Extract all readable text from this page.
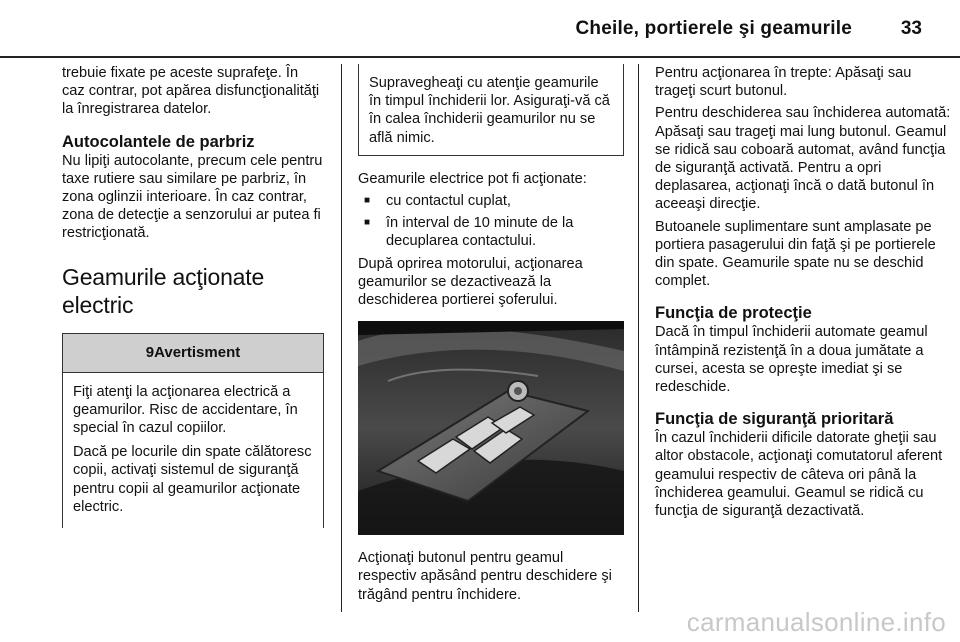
Cheile, portierele şi geamurile	33

trebuie fixate pe aceste suprafeţe. În caz contrar, pot apărea disfuncţionalităţi la înregistrarea datelor.

Autocolantele de parbriz

Nu lipiţi autocolante, precum cele pentru taxe rutiere sau similare pe parbriz, în zona oglinzii interioare. În caz contrar, zona de detecţie a senzorului ar putea fi restricţionată.

Geamurile acţionate electric
9Avertisment

Fiţi atenţi la acţionarea electrică a geamurilor. Risc de accidentare, în special în cazul copiilor.

Dacă pe locurile din spate călătoresc copii, activaţi sistemul de siguranţă pentru copii al geamurilor acţionate electric.

Supravegheaţi cu atenţie geamurile în timpul închiderii lor. Asiguraţi-vă că în calea închiderii geamurilor nu se află nimic.

Geamurile electrice pot fi acţionate:

■ cu contactul cuplat,
■ în interval de 10 minute de la decuplarea contactului.

După oprirea motorului, acţionarea geamurilor se dezactivează la deschiderea portierei şoferului.

Acţionaţi butonul pentru geamul respectiv apăsând pentru deschidere şi trăgând pentru închidere.

Pentru acţionarea în trepte: Apăsaţi sau trageţi scurt butonul.

Pentru deschiderea sau închiderea automată: Apăsaţi sau trageţi mai lung butonul. Geamul se ridică sau coboară automat, având funcţia de siguranţă activată. Pentru a opri deplasarea, acţionaţi încă o dată butonul în aceeaşi direcţie.

Butoanele suplimentare sunt amplasate pe portiera pasagerului din faţă şi pe portierele din spate. Geamurile spate nu se deschid complet.

Funcţia de protecţie

Dacă în timpul închiderii automate geamul întâmpină rezistenţă în a doua jumătate a cursei, acesta se opreşte imediat şi se redeschide.

Funcţia de siguranţă prioritară

În cazul închiderii dificile datorate gheţii sau altor obstacole, acţionaţi comutatorul aferent geamului respectiv de câteva ori până la închiderea geamului. Geamul se ridică cu funcţia de siguranţă dezactivată.

carmanualsonline.info
